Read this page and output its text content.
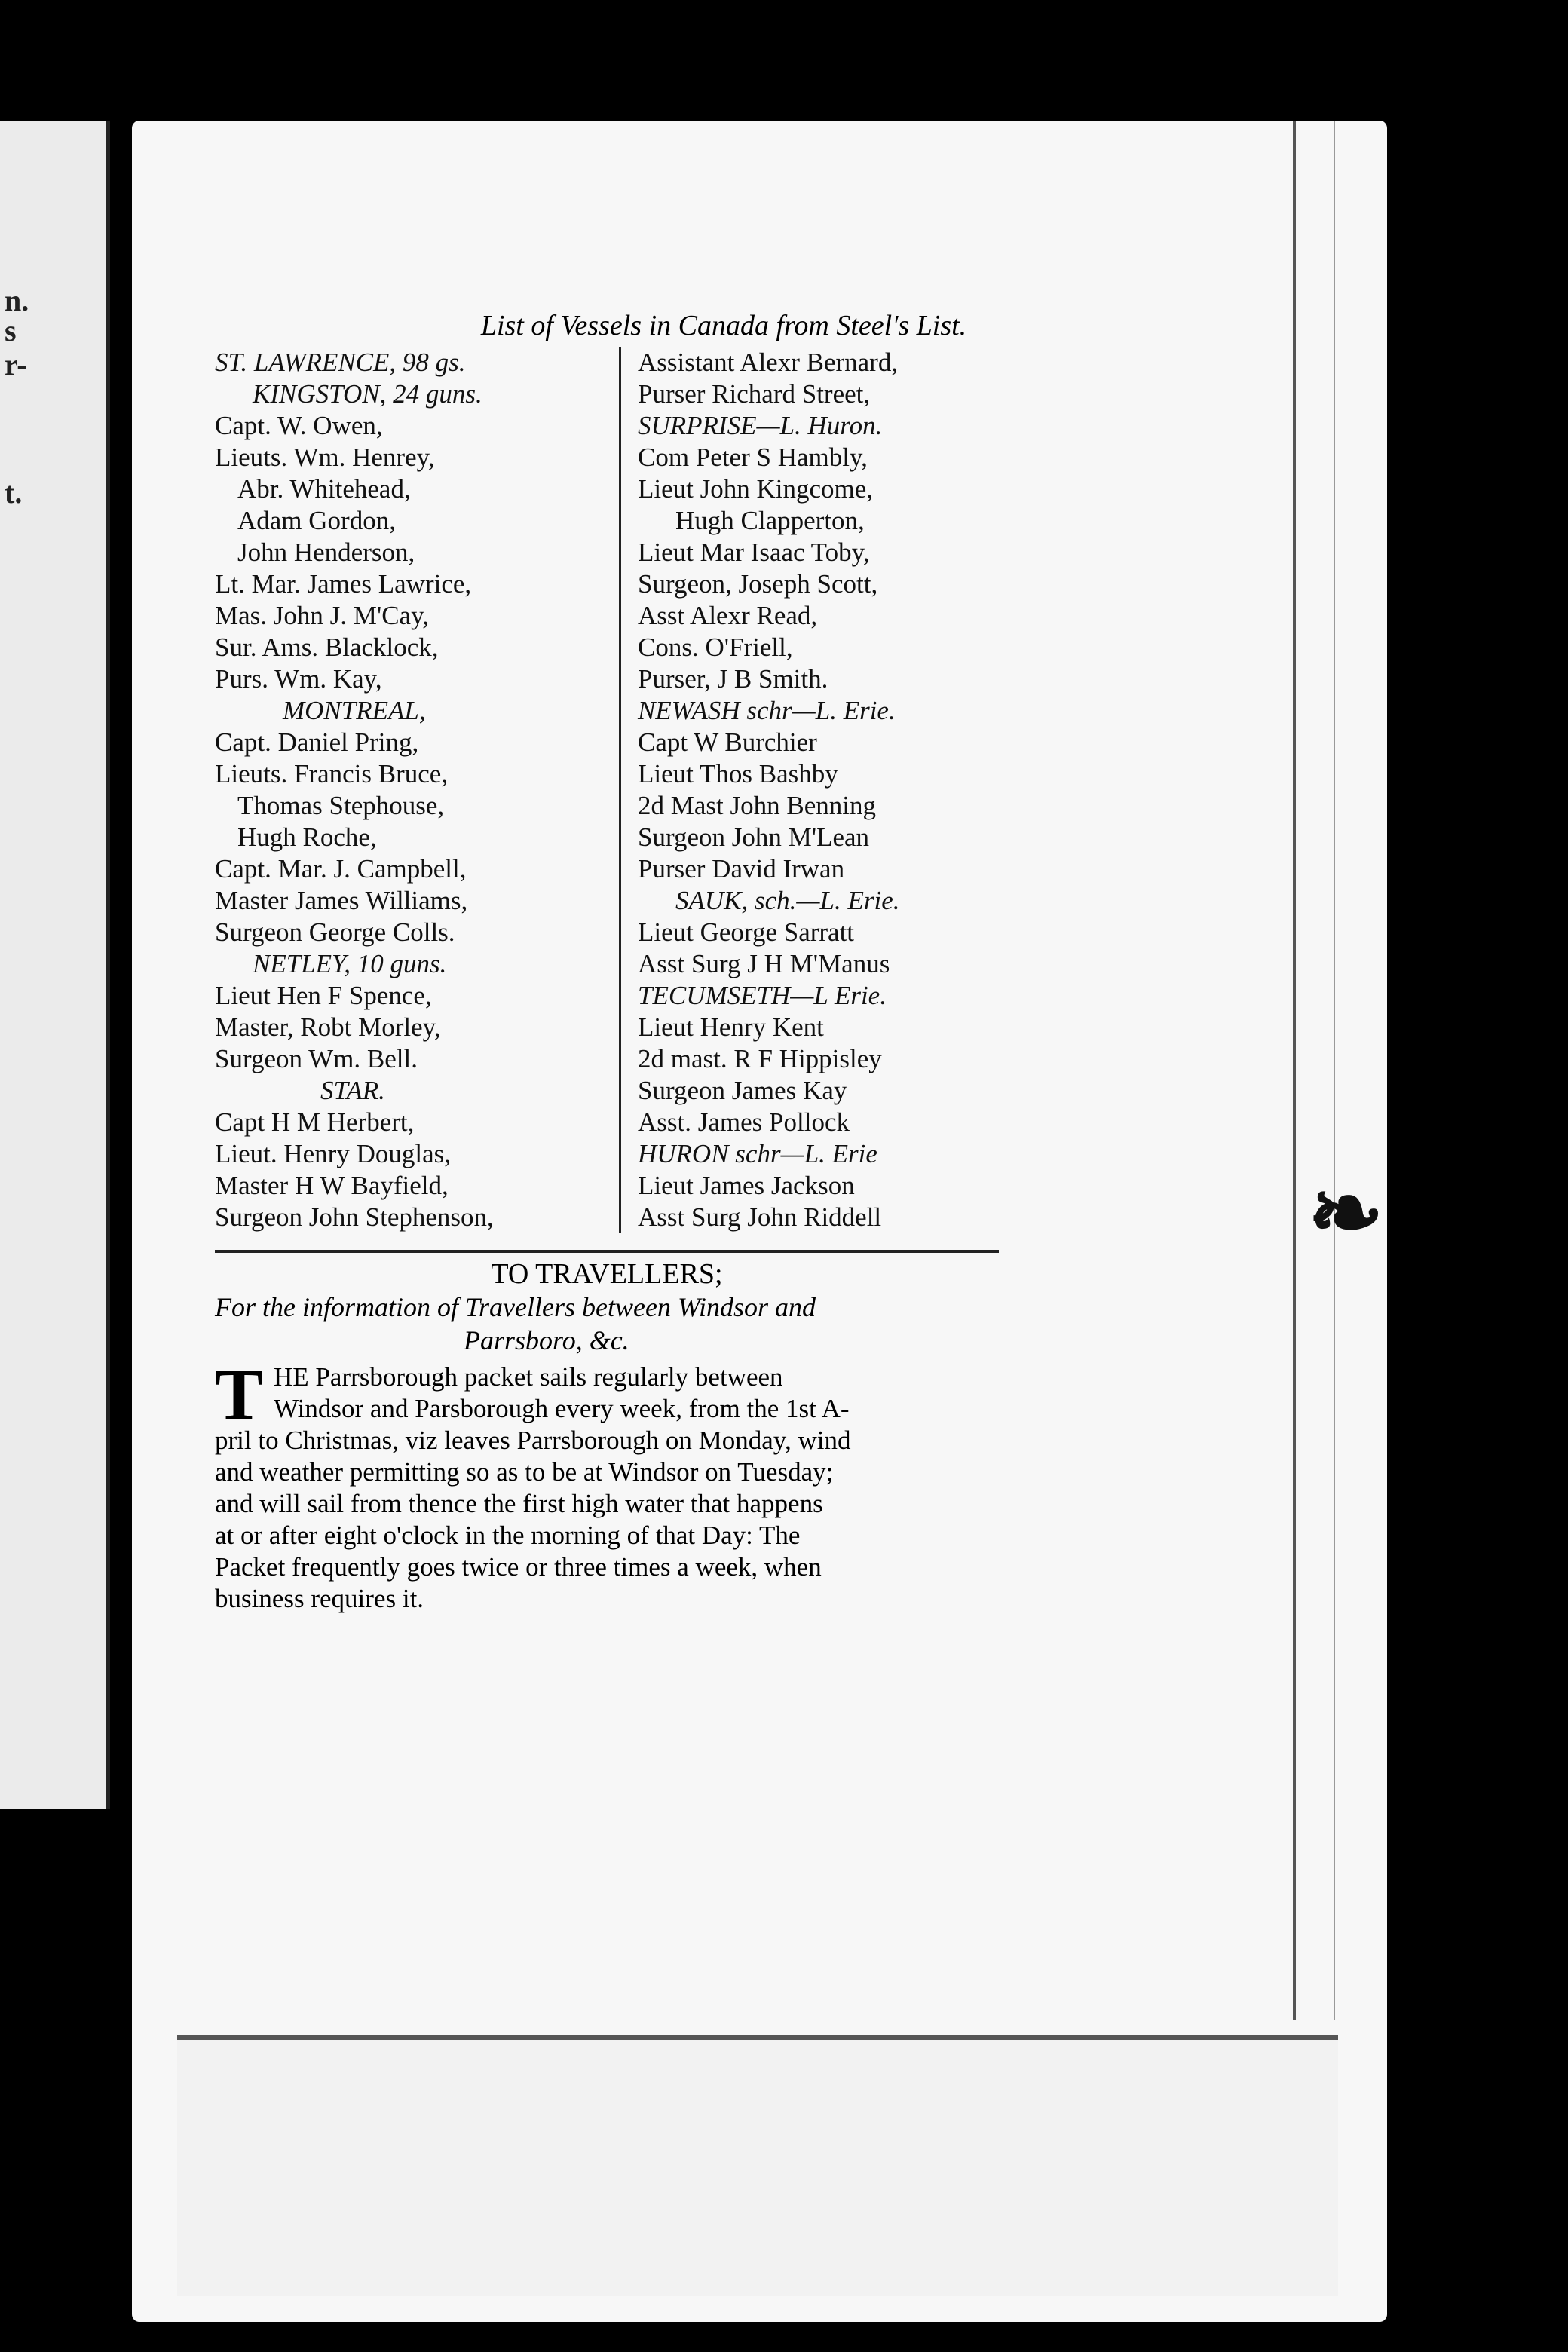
n.
s
r-
t.
❧
List of Vessels in Canada from Steel's List.
ST. LAWRENCE, 98 gs.
KINGSTON, 24 guns.
Capt. W. Owen,
Lieuts. Wm. Henrey,
Abr. Whitehead,
Adam Gordon,
John Henderson,
Lt. Mar. James Lawrice,
Mas. John J. M'Cay,
Sur. Ams. Blacklock,
Purs. Wm. Kay,
MONTREAL,
Capt. Daniel Pring,
Lieuts. Francis Bruce,
Thomas Stephouse,
Hugh Roche,
Capt. Mar. J. Campbell,
Master James Williams,
Surgeon George Colls.
NETLEY, 10 guns.
Lieut Hen F Spence,
Master, Robt Morley,
Surgeon Wm. Bell.
STAR.
Capt H M Herbert,
Lieut. Henry Douglas,
Master H W Bayfield,
Surgeon John Stephenson,
Assistant Alexr Bernard,
Purser Richard Street,
SURPRISE—L. Huron.
Com Peter S Hambly,
Lieut John Kingcome,
Hugh Clapperton,
Lieut Mar Isaac Toby,
Surgeon, Joseph Scott,
Asst Alexr Read,
Cons. O'Friell,
Purser, J B Smith.
NEWASH schr—L. Erie.
Capt W Burchier
Lieut Thos Bashby
2d Mast John Benning
Surgeon John M'Lean
Purser David Irwan
SAUK, sch.—L. Erie.
Lieut George Sarratt
Asst Surg J H M'Manus
TECUMSETH—L Erie.
Lieut Henry Kent
2d mast. R F Hippisley
Surgeon James Kay
Asst. James Pollock
HURON schr—L. Erie
Lieut James Jackson
Asst Surg John Riddell
TO TRAVELLERS;
For the information of Travellers between Windsor and
Parrsboro, &c.
T HE Parrsborough packet sails regularly between
Windsor and Parsborough every week, from the 1st A-
pril to Christmas, viz leaves Parrsborough on Monday, wind
and weather permitting so as to be at Windsor on Tuesday;
and will sail from thence the first high water that happens
at or after eight o'clock in the morning of that Day: The
Packet frequently goes twice or three times a week, when
business requires it.
